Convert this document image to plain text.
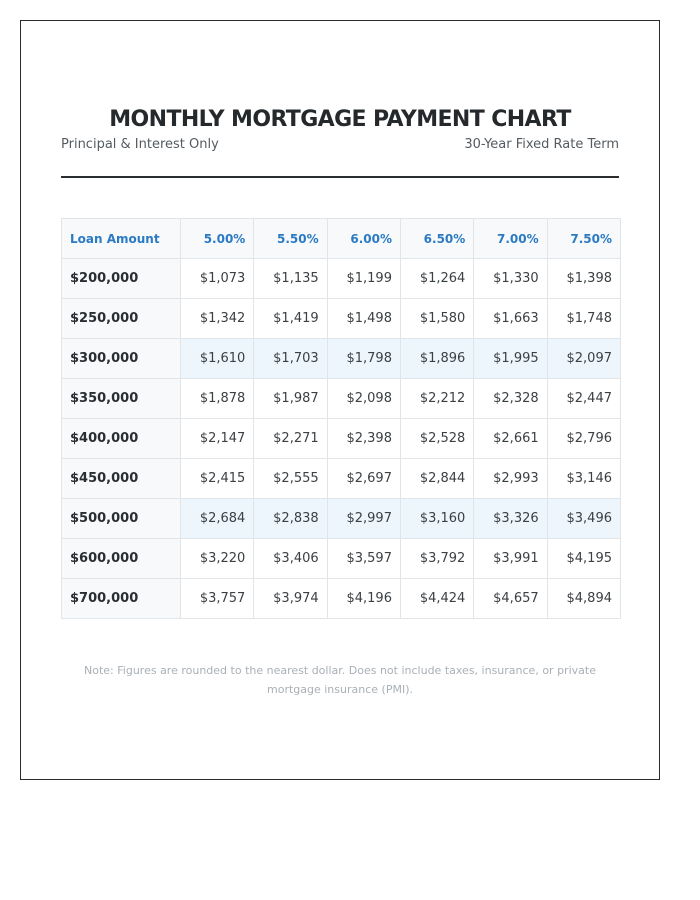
MONTHLY MORTGAGE PAYMENT CHART
Principal & Interest Only	30-Year Fixed Rate Term
Loan Amount	5.00%	5.50%	6.00%	6.50%	7.00%	7.50%
$200,000	$1,073	$1,135	$1,199	$1,264	$1,330	$1,398
$250,000	$1,342	$1,419	$1,498	$1,580	$1,663	$1,748
$300,000	$1,610	$1,703	$1,798	$1,896	$1,995	$2,097
$350,000	$1,878	$1,987	$2,098	$2,212	$2,328	$2,447
$400,000	$2,147	$2,271	$2,398	$2,528	$2,661	$2,796
$450,000	$2,415	$2,555	$2,697	$2,844	$2,993	$3,146
$500,000	$2,684	$2,838	$2,997	$3,160	$3,326	$3,496
$600,000	$3,220	$3,406	$3,597	$3,792	$3,991	$4,195
$700,000	$3,757	$3,974	$4,196	$4,424	$4,657	$4,894
Note: Figures are rounded to the nearest dollar. Does not include taxes, insurance, or private mortgage insurance (PMI).
